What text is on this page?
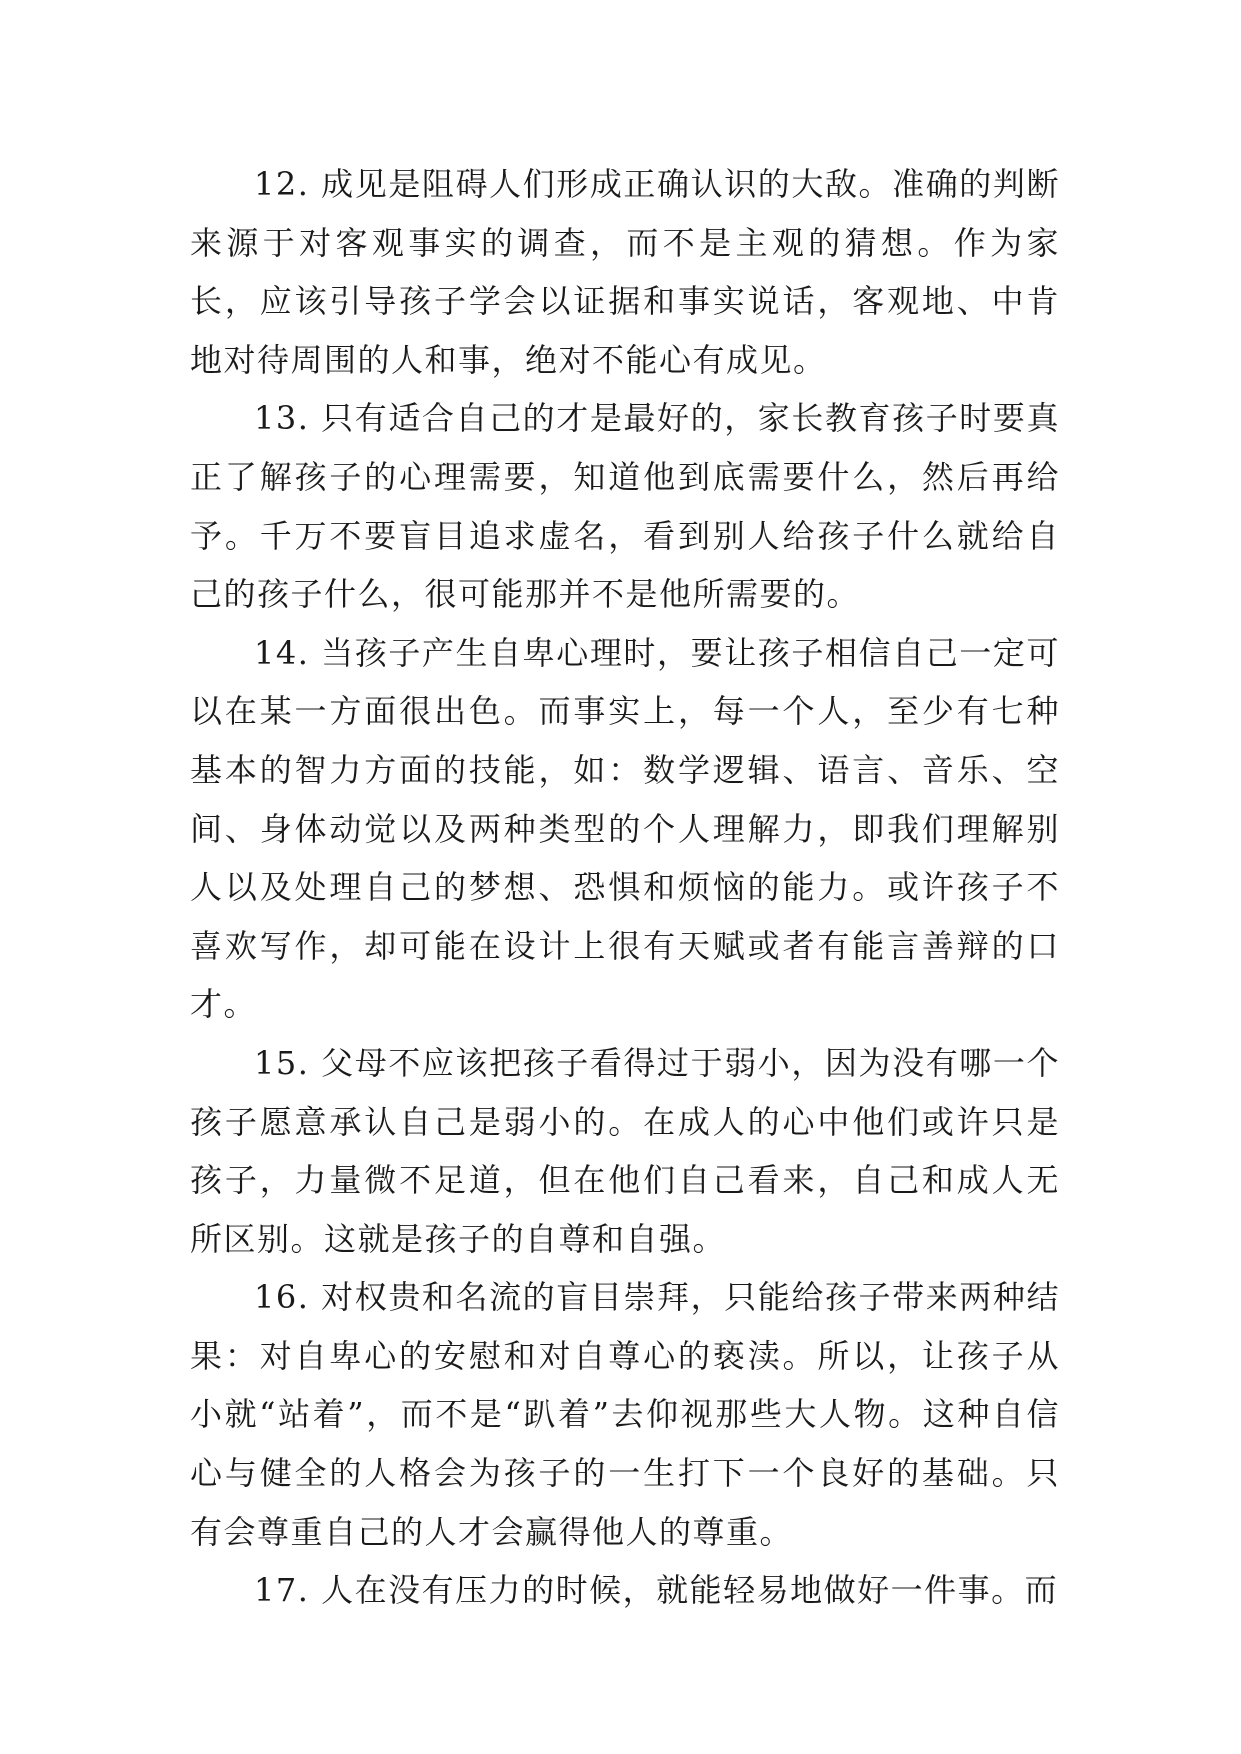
12. 成见是阻碍人们形成正确认识的大敌。准确的判断来源于对客观事实的调查，而不是主观的猜想。作为家长，应该引导孩子学会以证据和事实说话，客观地、中肯地对待周围的人和事，绝对不能心有成见。

13. 只有适合自己的才是最好的，家长教育孩子时要真正了解孩子的心理需要，知道他到底需要什么，然后再给予。千万不要盲目追求虚名，看到别人给孩子什么就给自己的孩子什么，很可能那并不是他所需要的。

14. 当孩子产生自卑心理时，要让孩子相信自己一定可以在某一方面很出色。而事实上，每一个人，至少有七种基本的智力方面的技能，如：数学逻辑、语言、音乐、空间、身体动觉以及两种类型的个人理解力，即我们理解别人以及处理自己的梦想、恐惧和烦恼的能力。或许孩子不喜欢写作，却可能在设计上很有天赋或者有能言善辩的口才。

15. 父母不应该把孩子看得过于弱小，因为没有哪一个孩子愿意承认自己是弱小的。在成人的心中他们或许只是孩子，力量微不足道，但在他们自己看来，自己和成人无所区别。这就是孩子的自尊和自强。

16. 对权贵和名流的盲目崇拜，只能给孩子带来两种结果：对自卑心的安慰和对自尊心的亵渎。所以，让孩子从小就“站着”，而不是“趴着”去仰视那些大人物。这种自信心与健全的人格会为孩子的一生打下一个良好的基础。只有会尊重自己的人才会赢得他人的尊重。

17. 人在没有压力的时候，就能轻易地做好一件事。而
